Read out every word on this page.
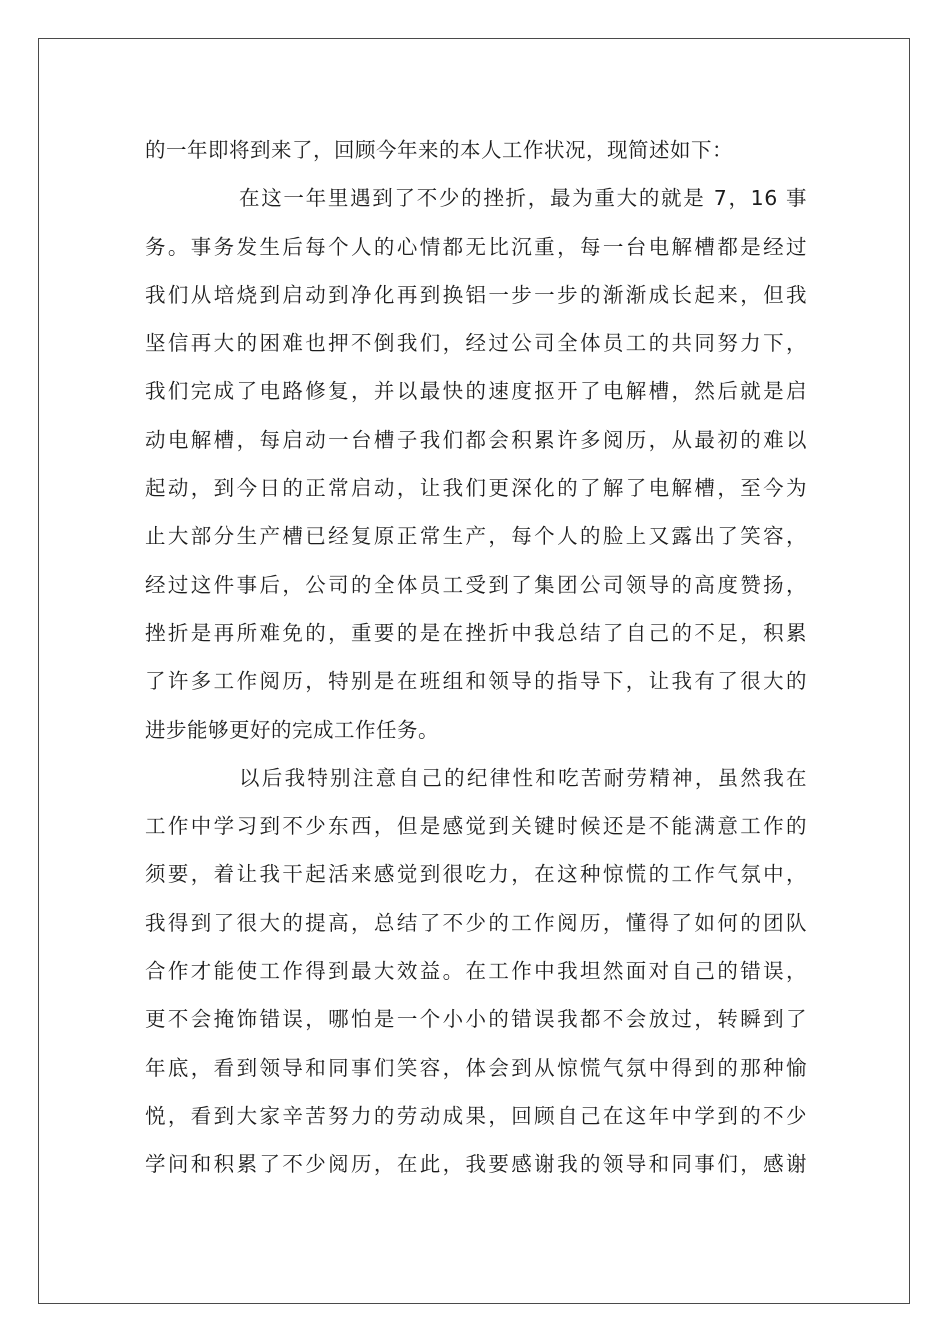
的一年即将到来了，回顾今年来的本人工作状况，现简述如下：
在这一年里遇到了不少的挫折，最为重大的就是 7，16 事
务。事务发生后每个人的心情都无比沉重，每一台电解槽都是经过
我们从培烧到启动到净化再到换铝一步一步的渐渐成长起来，但我
坚信再大的困难也押不倒我们，经过公司全体员工的共同努力下，
我们完成了电路修复，并以最快的速度抠开了电解槽，然后就是启
动电解槽，每启动一台槽子我们都会积累许多阅历，从最初的难以
起动，到今日的正常启动，让我们更深化的了解了电解槽，至今为
止大部分生产槽已经复原正常生产，每个人的脸上又露出了笑容，
经过这件事后，公司的全体员工受到了集团公司领导的高度赞扬，
挫折是再所难免的，重要的是在挫折中我总结了自己的不足，积累
了许多工作阅历，特别是在班组和领导的指导下，让我有了很大的
进步能够更好的完成工作任务。
以后我特别注意自己的纪律性和吃苦耐劳精神，虽然我在
工作中学习到不少东西，但是感觉到关键时候还是不能满意工作的
须要，着让我干起活来感觉到很吃力，在这种惊慌的工作气氛中，
我得到了很大的提高，总结了不少的工作阅历，懂得了如何的团队
合作才能使工作得到最大效益。在工作中我坦然面对自己的错误，
更不会掩饰错误，哪怕是一个小小的错误我都不会放过，转瞬到了
年底，看到领导和同事们笑容，体会到从惊慌气氛中得到的那种愉
悦，看到大家辛苦努力的劳动成果，回顾自己在这年中学到的不少
学问和积累了不少阅历，在此，我要感谢我的领导和同事们，感谢
